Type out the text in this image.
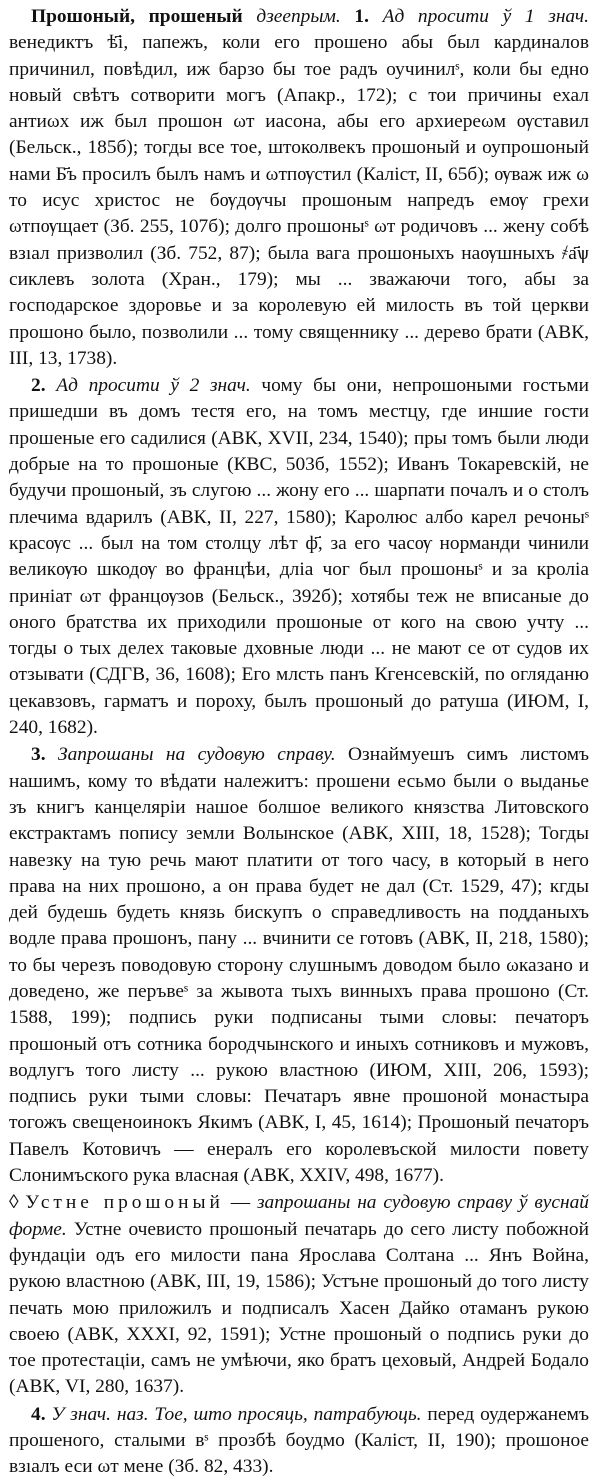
Прошоный, прошеный дзеепрым. 1. Ад просити ў 1 знач. венедиктъ ѣ҃і, папежъ, коли его прошено абы был кардиналов причинил, повѣдил, иж барзо бы тое радъ оучинилˢ, коли бы едно новый свѣтъ сотворити могъ (Апакр., 172); с тои причины ехал антиωх иж был прошон ωт иасона, абы его архиереωм ѹставил (Бельск., 185б); тогды все тое, штоколвекъ прошоный и оупрошоный нами Б҃ъ просилъ былъ намъ и ωтпѹстил (Каліст, II, 65б); ѹваж иж ω то исус христос не бѹдѹчы прошоным напредъ емѹ грехи ωтпѹщает (Зб. 255, 107б); долго прошоныˢ ωт родичовъ ... жену собѣ взıал призволил (Зб. 752, 87); была вага прошоныхъ наѹшныхъ ҂а҃ѱ сиклевъ золота (Хран., 179); мы ... зважаючи того, абы за господарское здоровье и за королевую ей милость въ той церкви прошоно было, позволили ... тому священнику ... дерево брати (АВК, III, 13, 1738).

2. Ад просити ў 2 знач. чому бы они, непрошоными гостьми пришедши въ домъ тестя его, на томъ местцу, где иншие гости прошеные его садилися (АВК, XVII, 234, 1540); пры томъ были люди добрые на то прошоные (КВС, 503б, 1552); Иванъ Токаревскій, не будучи прошоный, зъ слугою ... жону его ... шарпати почалъ и о столъ плечима вдарилъ (АВК, II, 227, 1580); Каролюс албо карел речоныˢ красѹс ... был на том столцу лѣт ф҃, за его часѹ норманди чинили великѹю шкодѹ во францѣи, дліа чог был прошоныˢ и за кроліа приніат ωт францѹзов (Бельск., 392б); хотябы теж не вписаные до оного братства их приходили прошоные от кого на свою учту ... тогды о тых делех таковые дховные люди ... не мают се от судов их отзывати (СДГВ, 36, 1608); Его млсть панъ Кгенсевскій, по огляданю цекавзовъ, гарматъ и пороху, былъ прошоный до ратуша (ИЮМ, I, 240, 1682).

3. Запрошаны на судовую справу. Ознаймуешъ симъ листомъ нашимъ, кому то вѣдати належитъ: прошени есьмо были о выданье зъ книгъ канцеляріи нашое болшое великого князства Литовского екстрактамъ попису земли Волынское (АВК, XIII, 18, 1528); Тогды навезку на тую речь мают платити от того часу, в который в него права на них прошоно, а он права будет не дал (Ст. 1529, 47); кгды дей будешь будеть князь бискупъ о справедливость на подданыхъ водле права прошонъ, пану ... вчинити се готовъ (АВК, II, 218, 1580); то бы черезъ поводовую сторону слушнымъ доводом было ωказано и доведено, же перъвеˢ за жывота тыхъ винныхъ права прошоно (Ст. 1588, 199); подпись руки подписаны тыми словы: печаторъ прошоный отъ сотника бородчынского и иныхъ сотниковъ и мужовъ, водлугъ того листу ... рукою властною (ИЮМ, XIII, 206, 1593); подпись руки тыми словы: Печатаръ явне прошоной монастыра тогожъ свещеноинокъ Якимъ (АВК, I, 45, 1614); Прошоный печаторъ Павелъ Котовичъ — енералъ его королевъской милости повету Слонимъского рука власная (АВК, XXIV, 498, 1677).

◊ Устне прошоный — запрошаны на судовую справу ў вуснай форме. Устне очевисто прошоный печатарь до сего листу побожной фундаціи одъ его милости пана Ярослава Солтана ... Янъ Война, рукою властною (АВК, III, 19, 1586); Устъне прошоный до того листу печать мою приложилъ и подписалъ Хасен Дайко отаманъ рукою своею (АВК, XXXI, 92, 1591); Устне прошоный о подпись руки до тое протестаціи, самъ не умѣючи, яко братъ цеховый, Андрей Бодало (АВК, VI, 280, 1637).

4. У знач. наз. Тое, што просяць, патрабуюць. перед оудержанемъ прошеного, сталыми вˢ прозбѣ боудмо (Каліст, II, 190); прошоное взıалъ еси ωт мене (Зб. 82, 433).
